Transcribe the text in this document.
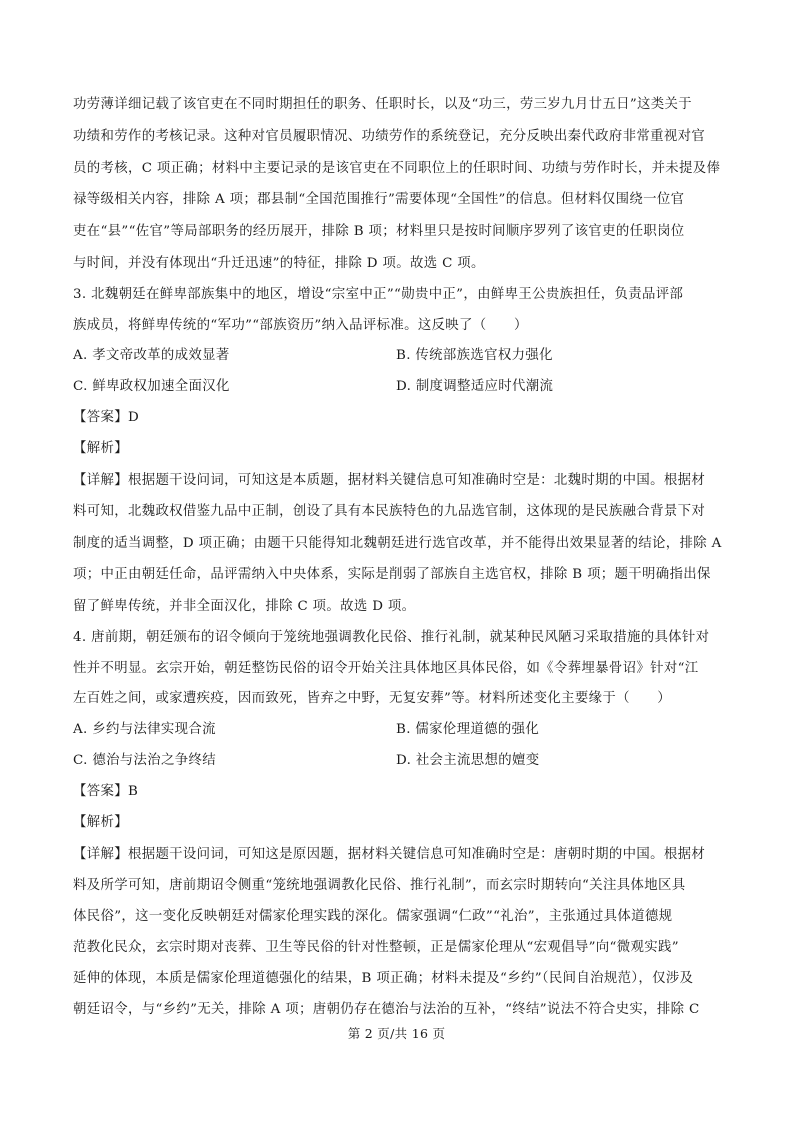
功劳薄详细记载了该官吏在不同时期担任的职务、任职时长，以及“功三，劳三岁九月廿五日”这类关于
功绩和劳作的考核记录。这种对官员履职情况、功绩劳作的系统登记，充分反映出秦代政府非常重视对官
员的考核，C 项正确；材料中主要记录的是该官吏在不同职位上的任职时间、功绩与劳作时长，并未提及俸
禄等级相关内容，排除 A 项；郡县制“全国范围推行”需要体现“全国性”的信息。但材料仅围绕一位官
吏在“县”“佐官”等局部职务的经历展开，排除 B 项；材料里只是按时间顺序罗列了该官吏的任职岗位
与时间，并没有体现出“升迁迅速”的特征，排除 D 项。故选 C 项。
3. 北魏朝廷在鲜卑部族集中的地区，增设“宗室中正”“勋贵中正”，由鲜卑王公贵族担任，负责品评部
族成员，将鲜卑传统的“军功”“部族资历”纳入品评标准。这反映了（　　）
A. 孝文帝改革的成效显著	B. 传统部族选官权力强化
C. 鲜卑政权加速全面汉化	D. 制度调整适应时代潮流
【答案】D
【解析】
【详解】根据题干设问词，可知这是本质题，据材料关键信息可知准确时空是：北魏时期的中国。根据材
料可知，北魏政权借鉴九品中正制，创设了具有本民族特色的九品选官制，这体现的是民族融合背景下对
制度的适当调整，D 项正确；由题干只能得知北魏朝廷进行选官改革，并不能得出效果显著的结论，排除 A
项；中正由朝廷任命，品评需纳入中央体系，实际是削弱了部族自主选官权，排除 B 项；题干明确指出保
留了鲜卑传统，并非全面汉化，排除 C 项。故选 D 项。
4. 唐前期，朝廷颁布的诏令倾向于笼统地强调教化民俗、推行礼制，就某种民风陋习采取措施的具体针对
性并不明显。玄宗开始，朝廷整饬民俗的诏令开始关注具体地区具体民俗，如《令葬埋暴骨诏》针对“江
左百姓之间，或家遭疾疫，因而致死，皆弃之中野，无复安葬”等。材料所述变化主要缘于（　　）
A. 乡约与法律实现合流	B. 儒家伦理道德的强化
C. 德治与法治之争终结	D. 社会主流思想的嬗变
【答案】B
【解析】
【详解】根据题干设问词，可知这是原因题，据材料关键信息可知准确时空是：唐朝时期的中国。根据材
料及所学可知，唐前期诏令侧重“笼统地强调教化民俗、推行礼制”，而玄宗时期转向“关注具体地区具
体民俗”，这一变化反映朝廷对儒家伦理实践的深化。儒家强调“仁政”“礼治”，主张通过具体道德规
范教化民众，玄宗时期对丧葬、卫生等民俗的针对性整顿，正是儒家伦理从“宏观倡导”向“微观实践”
延伸的体现，本质是儒家伦理道德强化的结果，B 项正确；材料未提及“乡约”（民间自治规范），仅涉及
朝廷诏令，与“乡约”无关，排除 A 项；唐朝仍存在德治与法治的互补，“终结”说法不符合史实，排除 C
第 2 页/共 16 页
